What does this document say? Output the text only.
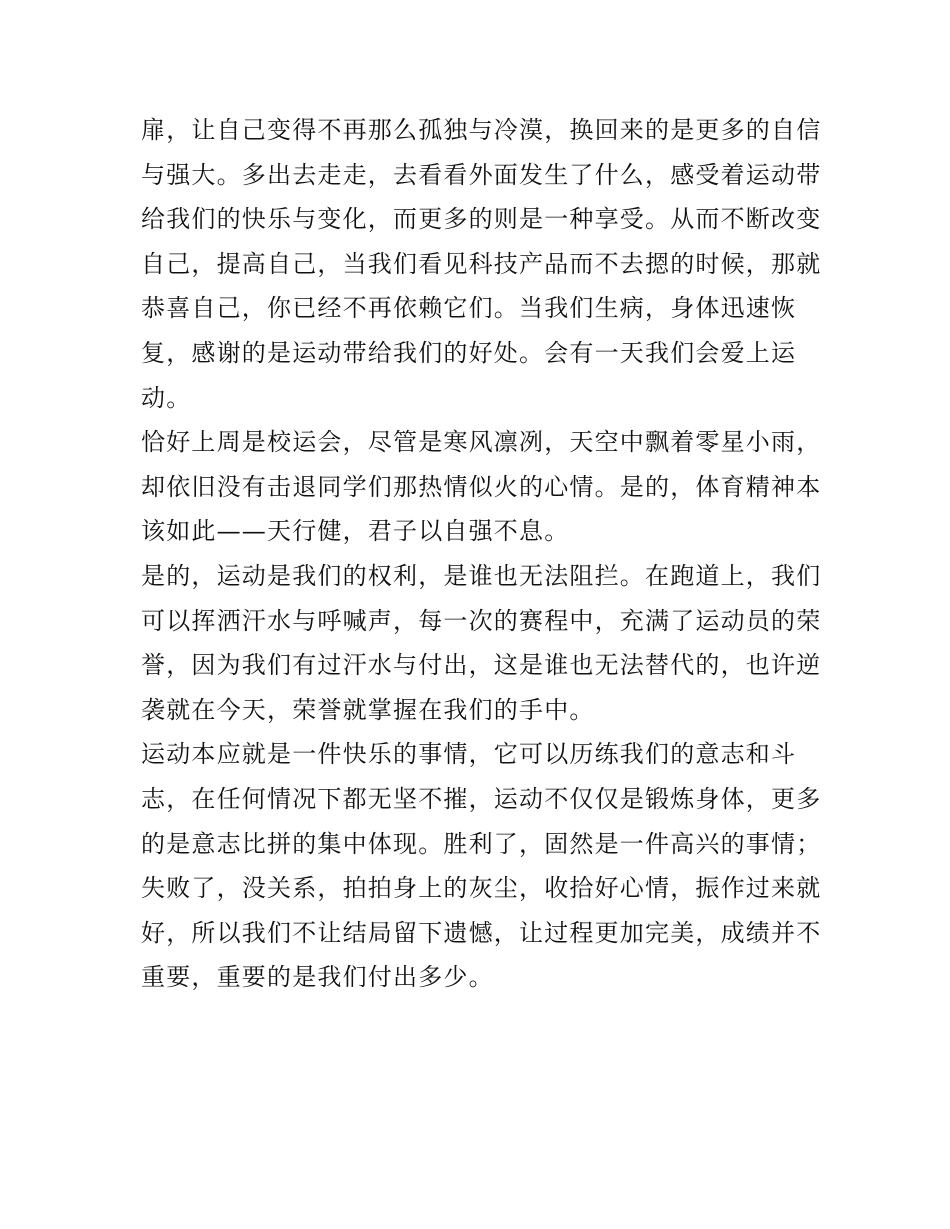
扉，让自己变得不再那么孤独与冷漠，换回来的是更多的自信
与强大。多出去走走，去看看外面发生了什么，感受着运动带
给我们的快乐与变化，而更多的则是一种享受。从而不断改变
自己，提高自己，当我们看见科技产品而不去摁的时候，那就
恭喜自己，你已经不再依赖它们。当我们生病，身体迅速恢
复，感谢的是运动带给我们的好处。会有一天我们会爱上运
动。
恰好上周是校运会，尽管是寒风凛冽，天空中飘着零星小雨，
却依旧没有击退同学们那热情似火的心情。是的，体育精神本
该如此——天行健，君子以自强不息。
是的，运动是我们的权利，是谁也无法阻拦。在跑道上，我们
可以挥洒汗水与呼喊声，每一次的赛程中，充满了运动员的荣
誉，因为我们有过汗水与付出，这是谁也无法替代的，也许逆
袭就在今天，荣誉就掌握在我们的手中。
运动本应就是一件快乐的事情，它可以历练我们的意志和斗
志，在任何情况下都无坚不摧，运动不仅仅是锻炼身体，更多
的是意志比拼的集中体现。胜利了，固然是一件高兴的事情；
失败了，没关系，拍拍身上的灰尘，收拾好心情，振作过来就
好，所以我们不让结局留下遗憾，让过程更加完美，成绩并不
重要，重要的是我们付出多少。
